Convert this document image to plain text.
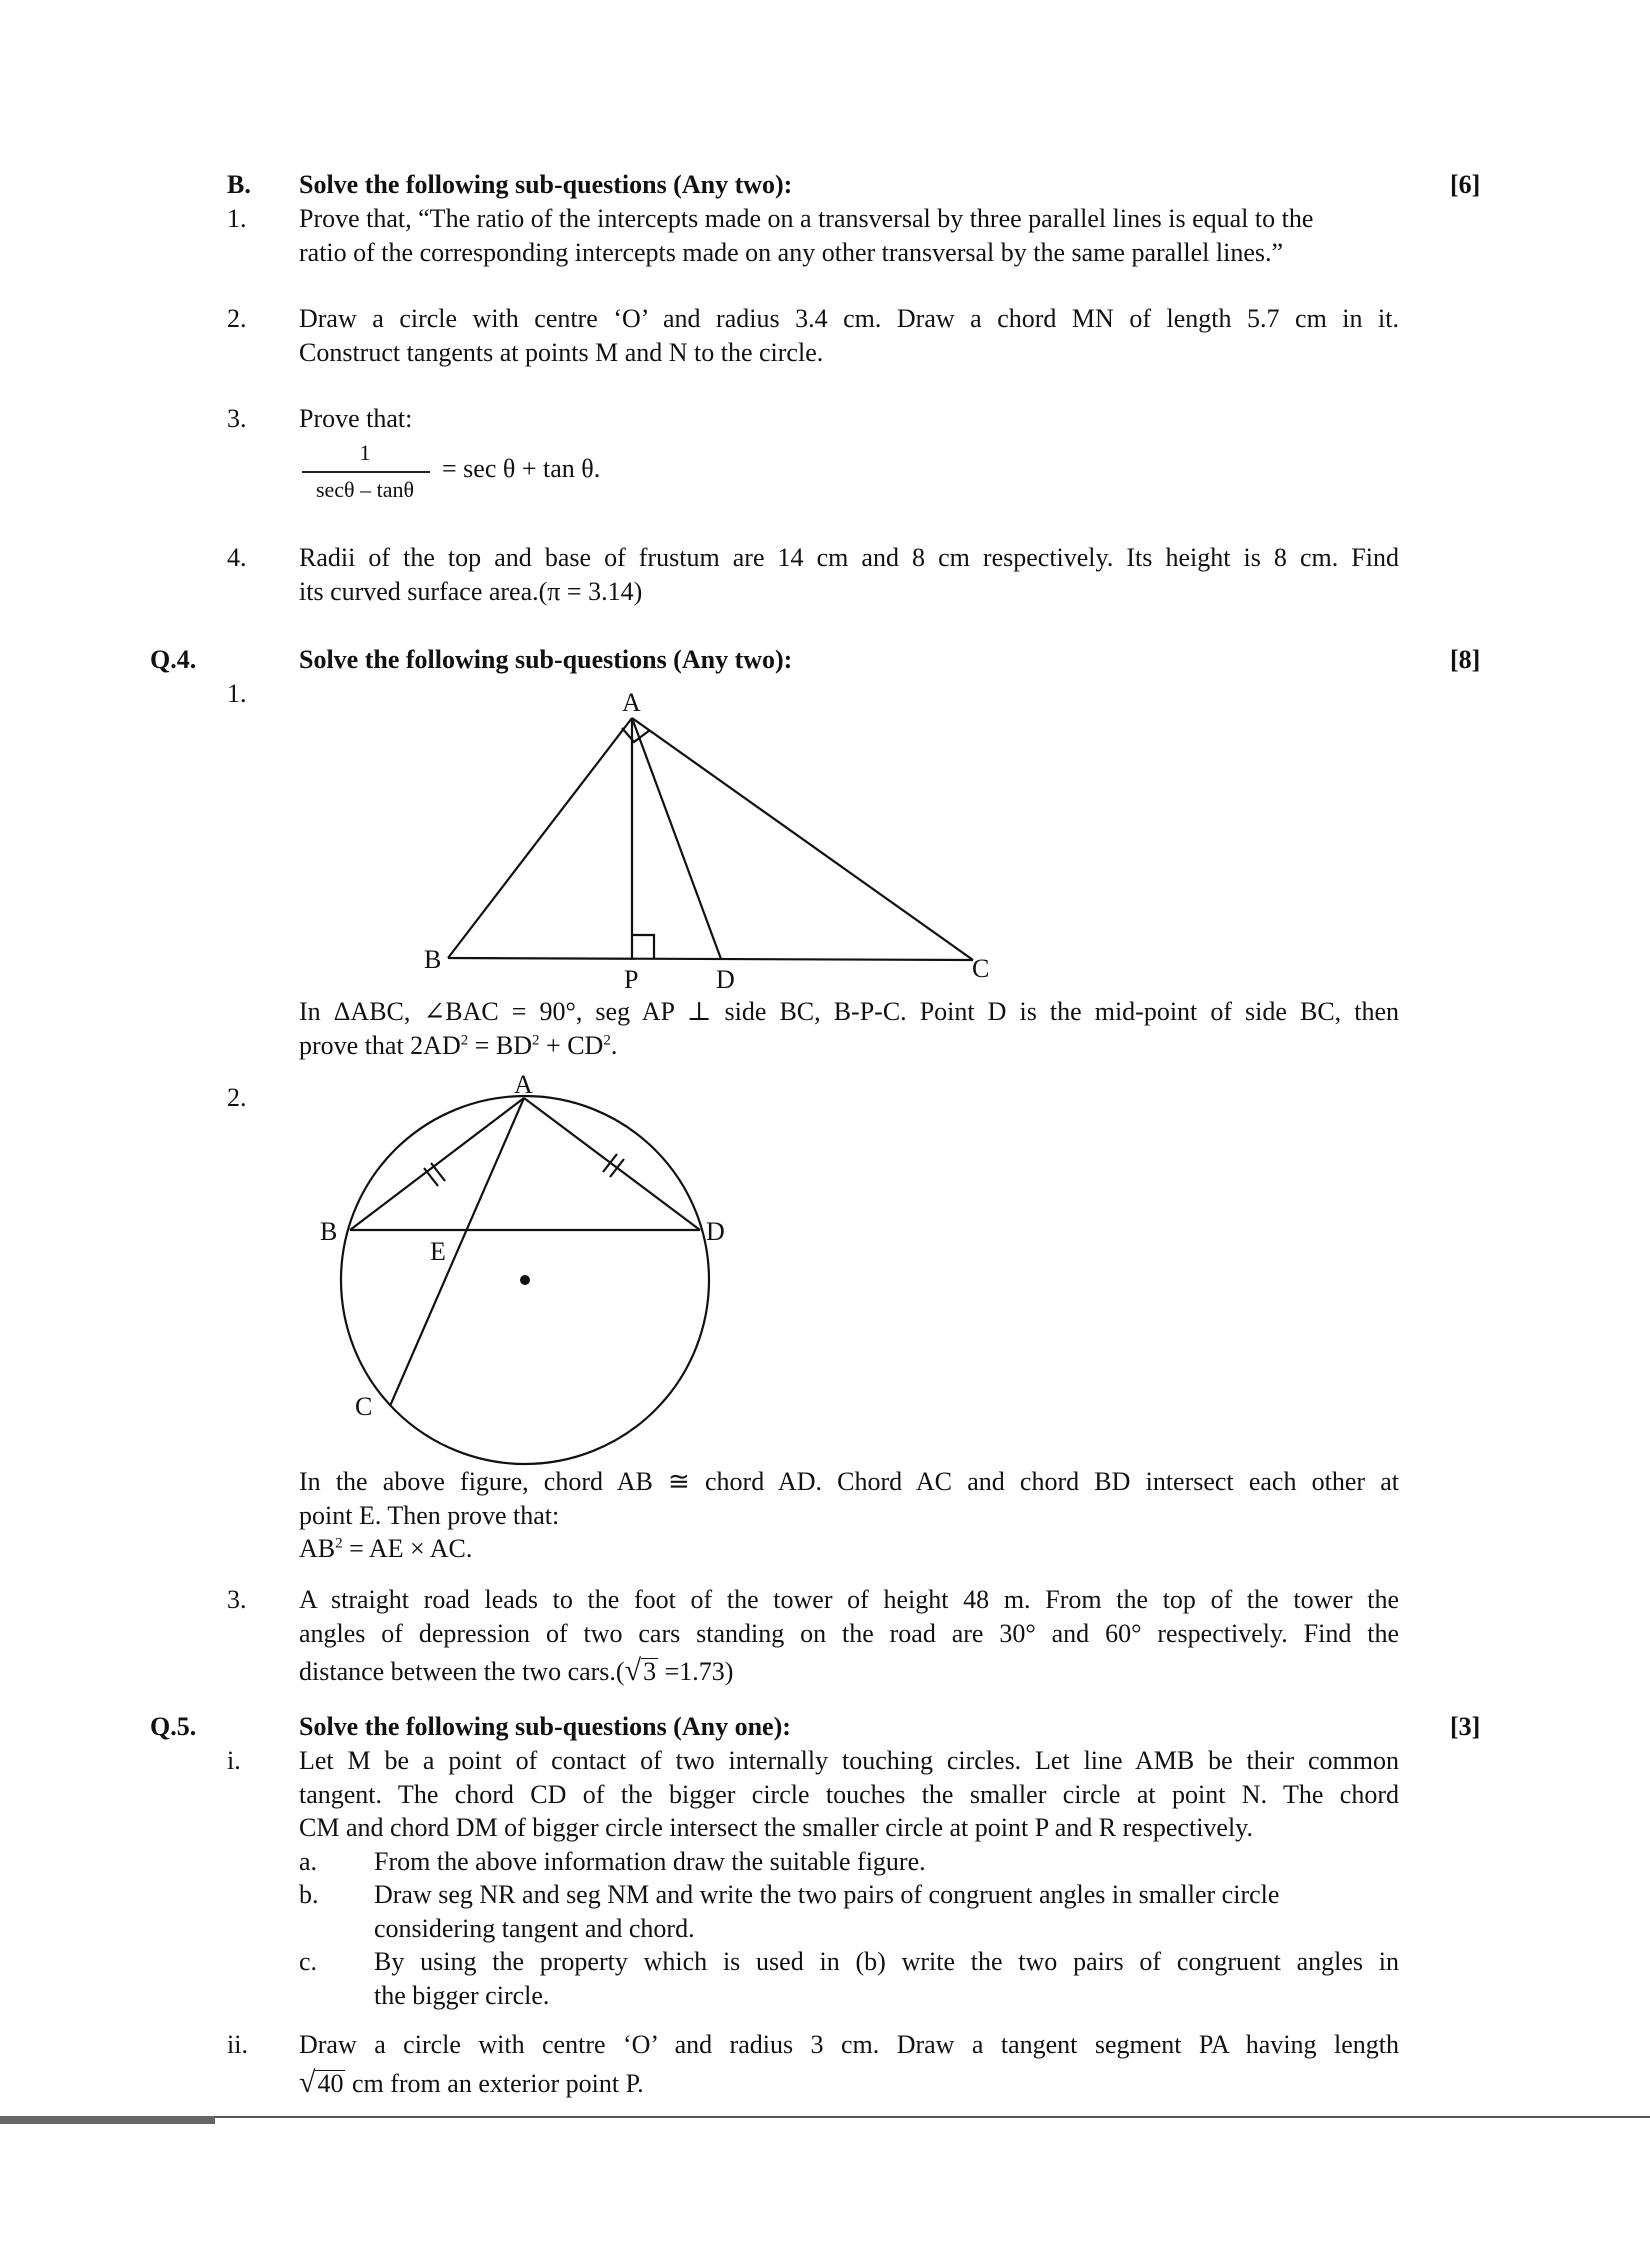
B. Solve the following sub-questions (Any two):	[6]
1. Prove that, “The ratio of the intercepts made on a transversal by three parallel lines is equal to the
ratio of the corresponding intercepts made on any other transversal by the same parallel lines.”
2. Draw a circle with centre ‘O’ and radius 3.4 cm. Draw a chord MN of length 5.7 cm in it.
Construct tangents at points M and N to the circle.
3. Prove that:
1
secθ – tanθ
= sec θ + tan θ.
4. Radii of the top and base of frustum are 14 cm and 8 cm respectively. Its height is 8 cm. Find
its curved surface area.(π = 3.14)
Q.4.	Solve the following sub-questions (Any two):	[8]
1.	A
B
P	D	C
In ΔABC, ∠BAC = 90°, seg AP ⊥ side BC, B-P-C. Point D is the mid-point of side BC, then
prove that $2AD^2 = BD^2 + CD^2$.
2.	A
B	D
E
C
In the above figure, chord AB ≅ chord AD. Chord AC and chord BD intersect each other at
point E. Then prove that:
$AB^2$ = AE × AC.
3. A straight road leads to the foot of the tower of height 48 m. From the top of the tower the
angles of depression of two cars standing on the road are 30° and 60° respectively. Find the
distance between the two cars.(√3 =1.73)
Q.5.	Solve the following sub-questions (Any one):	[3]
i. Let M be a point of contact of two internally touching circles. Let line AMB be their common
tangent. The chord CD of the bigger circle touches the smaller circle at point N. The chord
CM and chord DM of bigger circle intersect the smaller circle at point P and R respectively.
a. From the above information draw the suitable figure.
b. Draw seg NR and seg NM and write the two pairs of congruent angles in smaller circle
considering tangent and chord.
c. By using the property which is used in (b) write the two pairs of congruent angles in
the bigger circle.
ii. Draw a circle with centre ‘O’ and radius 3 cm. Draw a tangent segment PA having length
√40 cm from an exterior point P.
